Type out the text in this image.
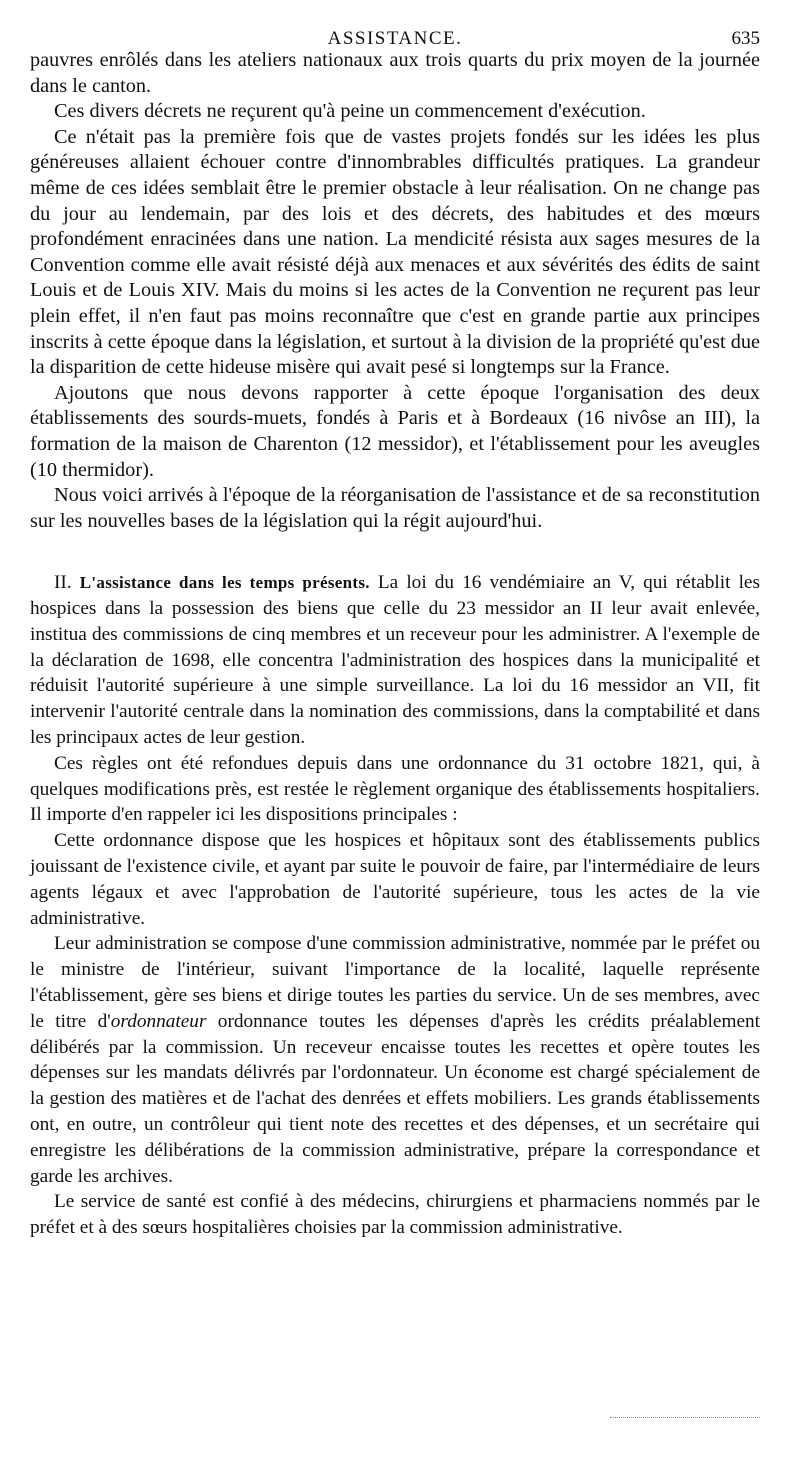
ASSISTANCE.	635

pauvres enrôlés dans les ateliers nationaux aux trois quarts du prix moyen de la journée dans le canton.

Ces divers décrets ne reçurent qu'à peine un commencement d'exécution.

Ce n'était pas la première fois que de vastes projets fondés sur les idées les plus généreuses allaient échouer contre d'innombrables difficultés pratiques. La grandeur même de ces idées semblait être le premier obstacle à leur réalisation. On ne change pas du jour au lendemain, par des lois et des décrets, des habitudes et des mœurs profondément enracinées dans une nation. La mendicité résista aux sages mesures de la Convention comme elle avait résisté déjà aux menaces et aux sévérités des édits de saint Louis et de Louis XIV. Mais du moins si les actes de la Convention ne reçurent pas leur plein effet, il n'en faut pas moins reconnaître que c'est en grande partie aux principes inscrits à cette époque dans la législation, et surtout à la division de la propriété qu'est due la disparition de cette hideuse misère qui avait pesé si longtemps sur la France.

Ajoutons que nous devons rapporter à cette époque l'organisation des deux établissements des sourds-muets, fondés à Paris et à Bordeaux (16 nivôse an III), la formation de la maison de Charenton (12 messidor), et l'établissement pour les aveugles (10 thermidor).

Nous voici arrivés à l'époque de la réorganisation de l'assistance et de sa reconstitution sur les nouvelles bases de la législation qui la régit aujourd'hui.

II. L'assistance dans les temps présents. La loi du 16 vendémiaire an V, qui rétablit les hospices dans la possession des biens que celle du 23 messidor an II leur avait enlevée, institua des commissions de cinq membres et un receveur pour les administrer. A l'exemple de la déclaration de 1698, elle concentra l'administration des hospices dans la municipalité et réduisit l'autorité supérieure à une simple surveillance. La loi du 16 messidor an VII, fit intervenir l'autorité centrale dans la nomination des commissions, dans la comptabilité et dans les principaux actes de leur gestion.

Ces règles ont été refondues depuis dans une ordonnance du 31 octobre 1821, qui, à quelques modifications près, est restée le règlement organique des établissements hospitaliers. Il importe d'en rappeler ici les dispositions principales :

Cette ordonnance dispose que les hospices et hôpitaux sont des établissements publics jouissant de l'existence civile, et ayant par suite le pouvoir de faire, par l'intermédiaire de leurs agents légaux et avec l'approbation de l'autorité supérieure, tous les actes de la vie administrative.

Leur administration se compose d'une commission administrative, nommée par le préfet ou le ministre de l'intérieur, suivant l'importance de la localité, laquelle représente l'établissement, gère ses biens et dirige toutes les parties du service. Un de ses membres, avec le titre d'ordonnateur ordonnance toutes les dépenses d'après les crédits préalablement délibérés par la commission. Un receveur encaisse toutes les recettes et opère toutes les dépenses sur les mandats délivrés par l'ordonnateur. Un économe est chargé spécialement de la gestion des matières et de l'achat des denrées et effets mobiliers. Les grands établissements ont, en outre, un contrôleur qui tient note des recettes et des dépenses, et un secrétaire qui enregistre les délibérations de la commission administrative, prépare la correspondance et garde les archives.

Le service de santé est confié à des médecins, chirurgiens et pharmaciens nommés par le préfet et à des sœurs hospitalières choisies par la commission administrative.
